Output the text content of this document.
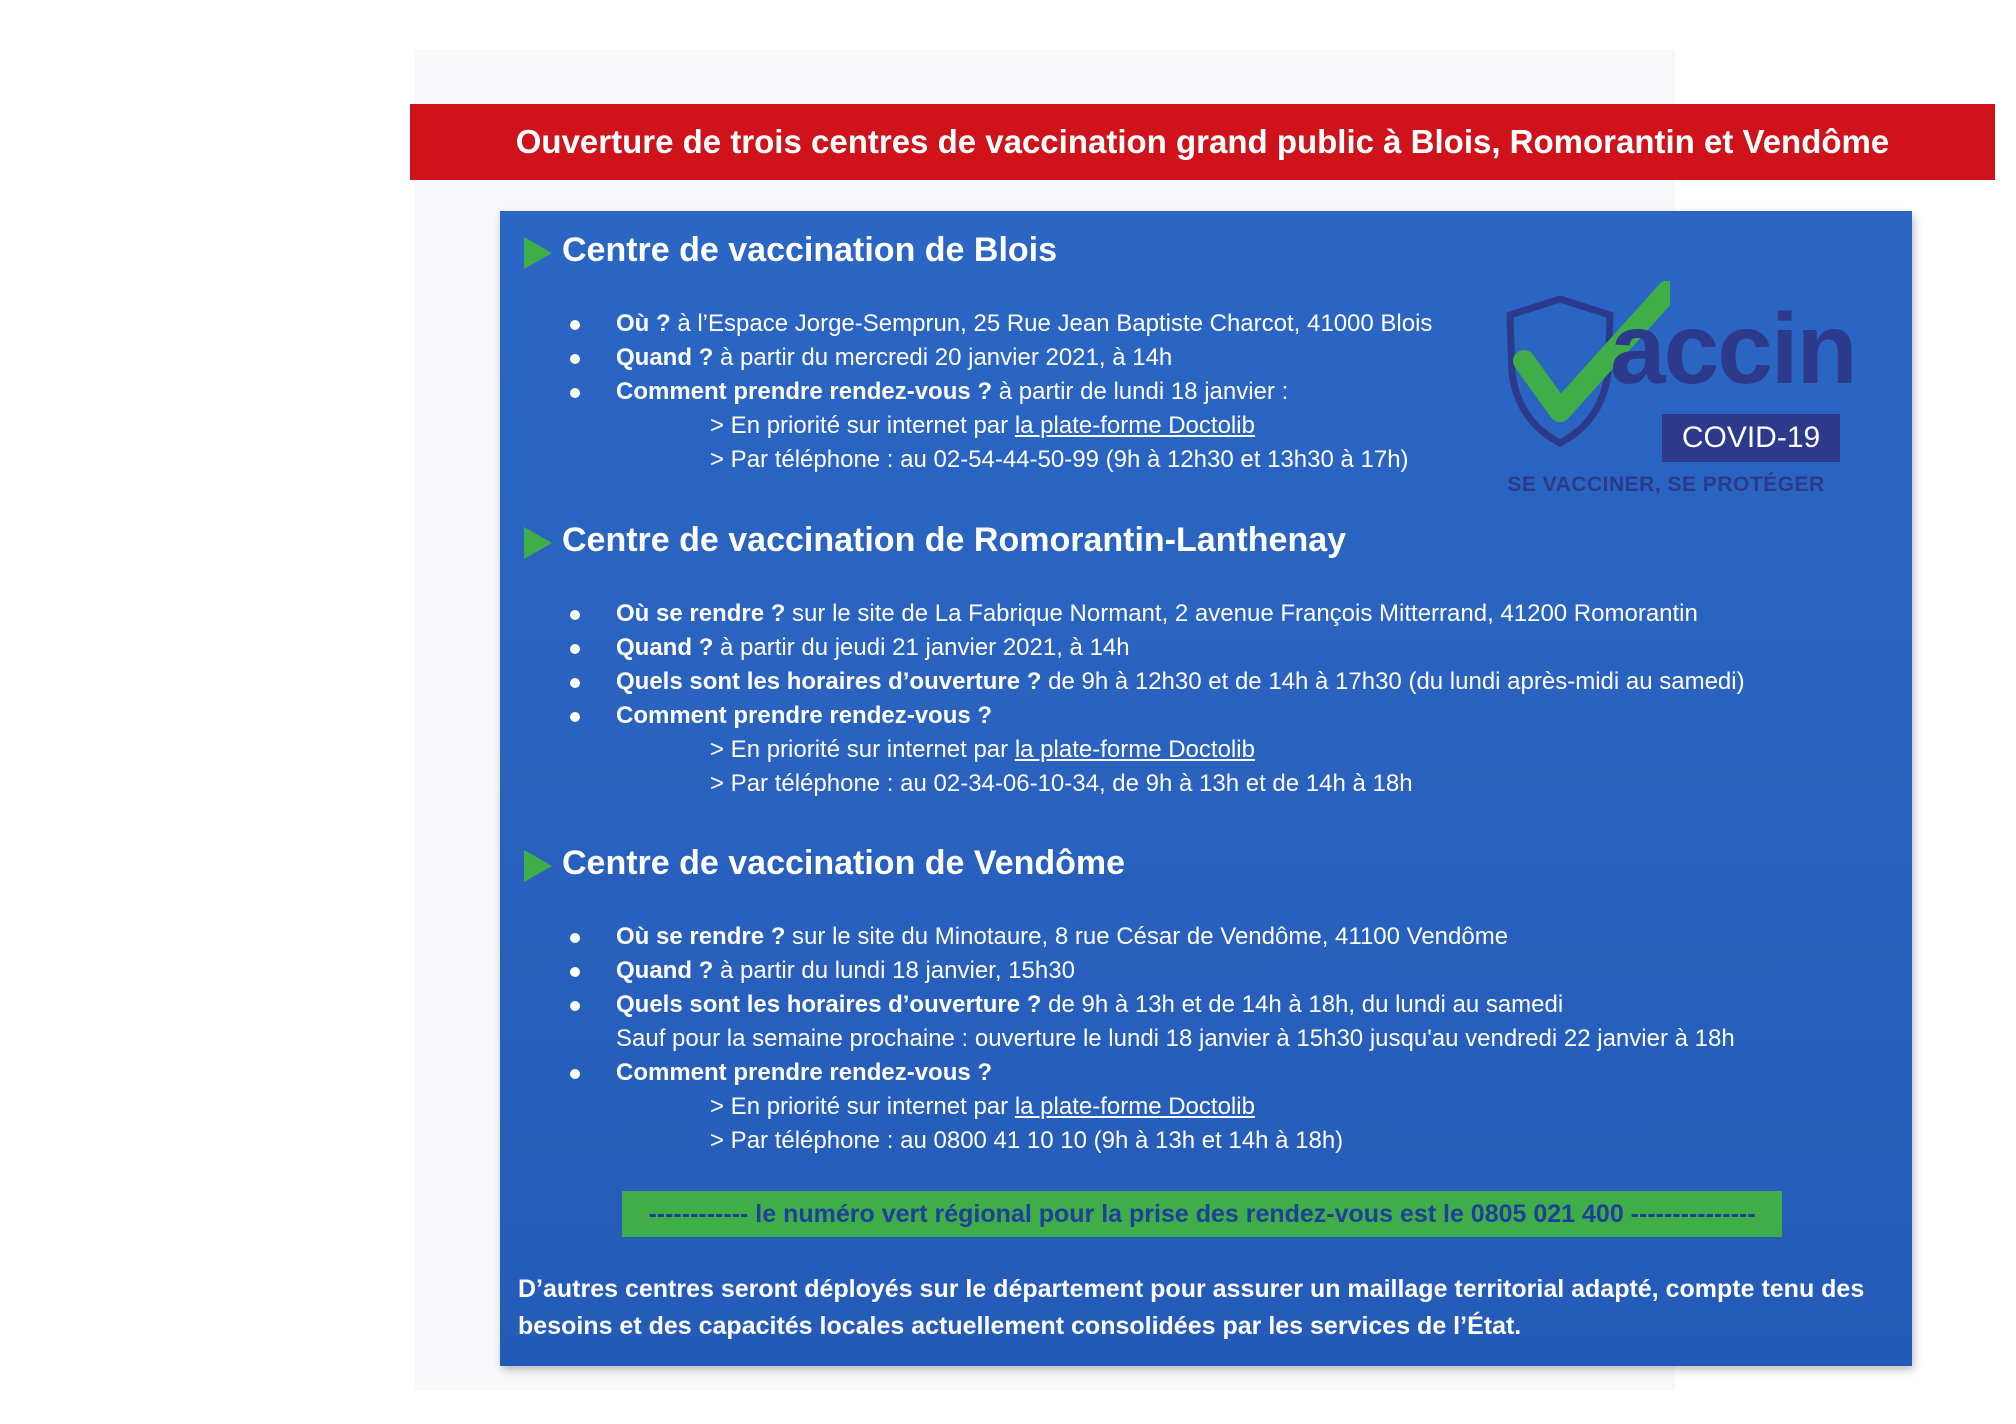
Ouverture de trois centres de vaccination grand public à Blois, Romorantin et Vendôme
accin
COVID-19
SE VACCINER, SE PROTÉGER
Centre de vaccination de Blois
Où ? à l’Espace Jorge-Semprun, 25 Rue Jean Baptiste Charcot, 41000 Blois
Quand ? à partir du mercredi 20 janvier 2021, à 14h
Comment prendre rendez-vous ? à partir de lundi 18 janvier :
> En priorité sur internet par la plate-forme Doctolib
> Par téléphone : au 02-54-44-50-99 (9h à 12h30 et 13h30 à 17h)
Centre de vaccination de Romorantin-Lanthenay
Où se rendre ? sur le site de La Fabrique Normant, 2 avenue François Mitterrand, 41200 Romorantin
Quand ? à partir du jeudi 21 janvier 2021, à 14h
Quels sont les horaires d’ouverture ? de 9h à 12h30 et de 14h à 17h30 (du lundi après-midi au samedi)
Comment prendre rendez-vous ?
> En priorité sur internet par la plate-forme Doctolib
> Par téléphone : au 02-34-06-10-34, de 9h à 13h et de 14h à 18h
Centre de vaccination de Vendôme
Où se rendre ? sur le site du Minotaure, 8 rue César de Vendôme, 41100 Vendôme
Quand ? à partir du lundi 18 janvier, 15h30
Quels sont les horaires d’ouverture ? de 9h à 13h et de 14h à 18h, du lundi au samedi
Sauf pour la semaine prochaine : ouverture le lundi 18 janvier à 15h30 jusqu'au vendredi 22 janvier à 18h
Comment prendre rendez-vous ?
> En priorité sur internet par la plate-forme Doctolib
> Par téléphone : au 0800 41 10 10 (9h à 13h et 14h à 18h)
------------ le numéro vert régional pour la prise des rendez-vous est le 0805 021 400 ---------------
D’autres centres seront déployés sur le département pour assurer un maillage territorial adapté, compte tenu des besoins et des capacités locales actuellement consolidées par les services de l’État.
